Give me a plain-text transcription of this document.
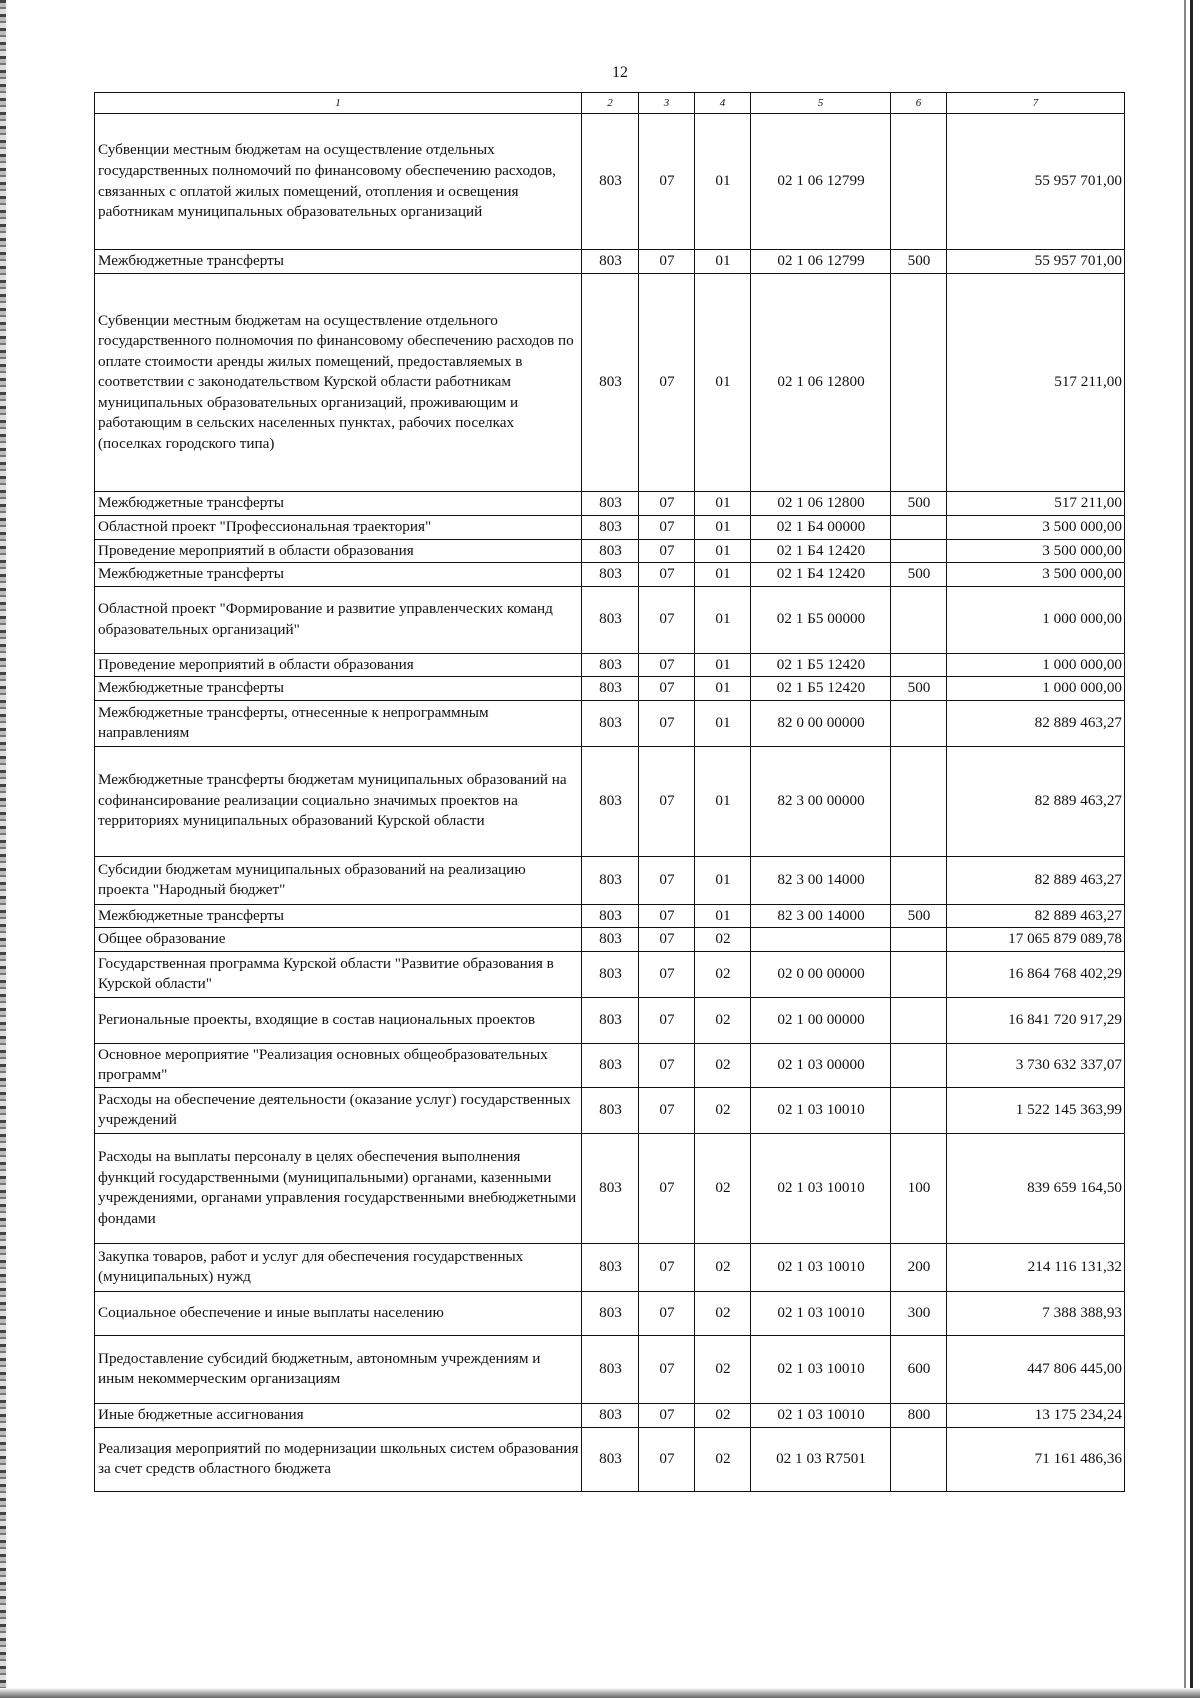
12
1	2	3	4	5	6	7
Субвенции местным бюджетам на осуществление отдельных государственных полномочий по финансовому обеспечению расходов, связанных с оплатой жилых помещений, отопления и освещения работникам муниципальных образовательных организаций	803	07	01	02 1 06 12799		55 957 701,00
Межбюджетные трансферты	803	07	01	02 1 06 12799	500	55 957 701,00
Субвенции местным бюджетам на осуществление отдельного государственного полномочия по финансовому обеспечению расходов по оплате стоимости аренды жилых помещений, предоставляемых в соответствии с законодательством Курской области работникам муниципальных образовательных организаций, проживающим и работающим в сельских населенных пунктах, рабочих поселках (поселках городского типа)	803	07	01	02 1 06 12800		517 211,00
Межбюджетные трансферты	803	07	01	02 1 06 12800	500	517 211,00
Областной проект "Профессиональная траектория"	803	07	01	02 1 Б4 00000		3 500 000,00
Проведение мероприятий в области образования	803	07	01	02 1 Б4 12420		3 500 000,00
Межбюджетные трансферты	803	07	01	02 1 Б4 12420	500	3 500 000,00
Областной проект "Формирование и развитие управленческих команд образовательных организаций"	803	07	01	02 1 Б5 00000		1 000 000,00
Проведение мероприятий в области образования	803	07	01	02 1 Б5 12420		1 000 000,00
Межбюджетные трансферты	803	07	01	02 1 Б5 12420	500	1 000 000,00
Межбюджетные трансферты, отнесенные к непрограммным направлениям	803	07	01	82 0 00 00000		82 889 463,27
Межбюджетные трансферты бюджетам муниципальных образований на софинансирование реализации социально значимых проектов на территориях муниципальных образований Курской области	803	07	01	82 3 00 00000		82 889 463,27
Субсидии бюджетам муниципальных образований на реализацию проекта "Народный бюджет"	803	07	01	82 3 00 14000		82 889 463,27
Межбюджетные трансферты	803	07	01	82 3 00 14000	500	82 889 463,27
Общее образование	803	07	02			17 065 879 089,78
Государственная программа Курской области "Развитие образования в Курской области"	803	07	02	02 0 00 00000		16 864 768 402,29
Региональные проекты, входящие в состав национальных проектов	803	07	02	02 1 00 00000		16 841 720 917,29
Основное мероприятие "Реализация основных общеобразовательных программ"	803	07	02	02 1 03 00000		3 730 632 337,07
Расходы на обеспечение деятельности (оказание услуг) государственных учреждений	803	07	02	02 1 03 10010		1 522 145 363,99
Расходы на выплаты персоналу в целях обеспечения выполнения функций государственными (муниципальными) органами, казенными учреждениями, органами управления государственными внебюджетными фондами	803	07	02	02 1 03 10010	100	839 659 164,50
Закупка товаров, работ и услуг для обеспечения государственных (муниципальных) нужд	803	07	02	02 1 03 10010	200	214 116 131,32
Социальное обеспечение и иные выплаты населению	803	07	02	02 1 03 10010	300	7 388 388,93
Предоставление субсидий бюджетным, автономным учреждениям и иным некоммерческим организациям	803	07	02	02 1 03 10010	600	447 806 445,00
Иные бюджетные ассигнования	803	07	02	02 1 03 10010	800	13 175 234,24
Реализация мероприятий по модернизации школьных систем образования за счет средств областного бюджета	803	07	02	02 1 03 R7501		71 161 486,36
